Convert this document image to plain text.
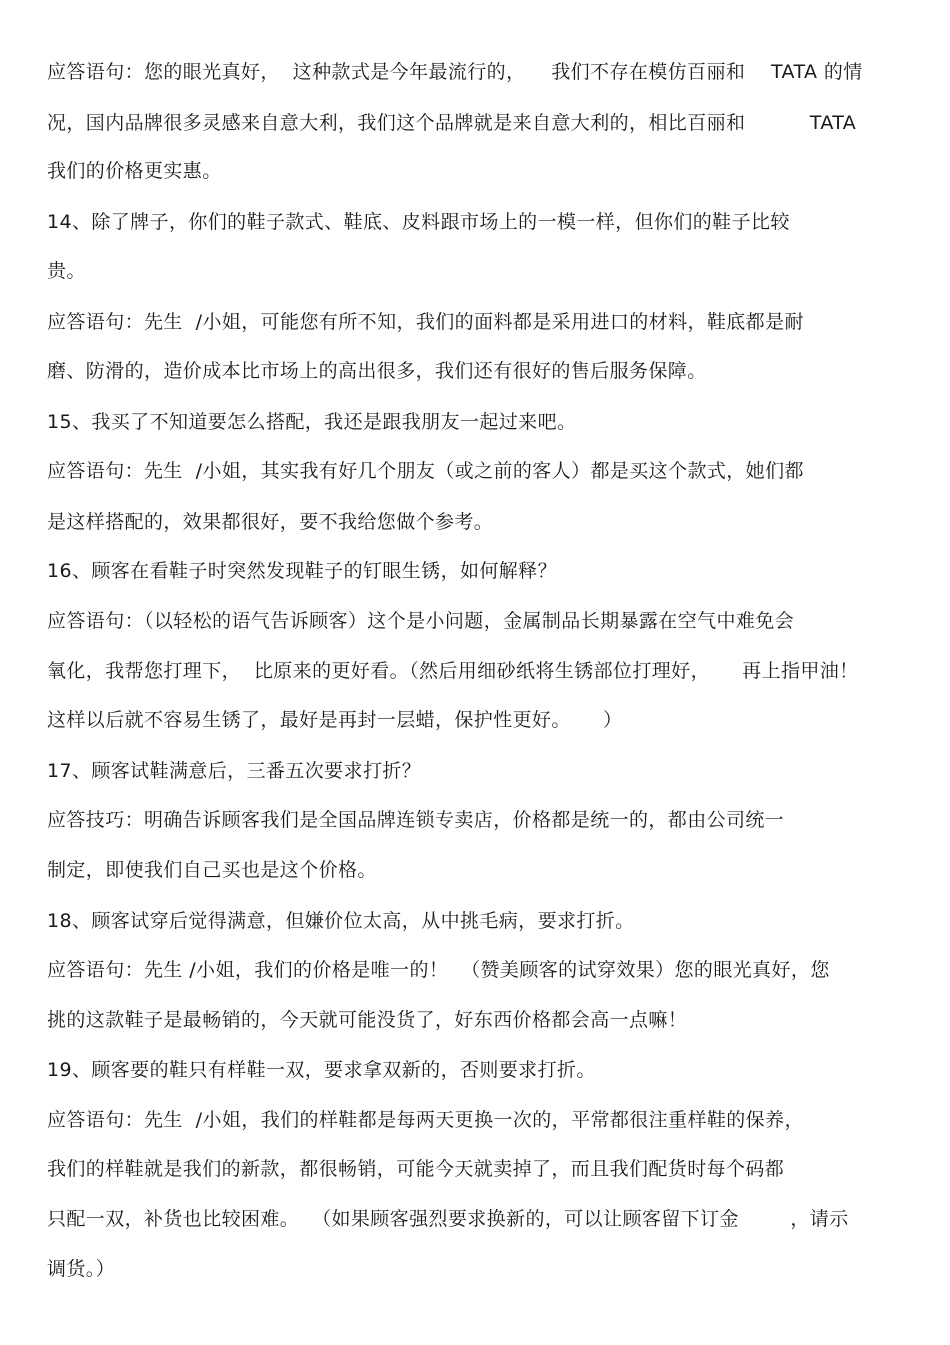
应答语句：您的眼光真好，  这种款式是今年最流行的，    我们不存在模仿百丽和    TATA 的情
况，国内品牌很多灵感来自意大利，我们这个品牌就是来自意大利的，相比百丽和          TATA
我们的价格更实惠。
14、除了牌子，你们的鞋子款式、鞋底、皮料跟市场上的一模一样，但你们的鞋子比较
贵。
应答语句：先生  /小姐，可能您有所不知，我们的面料都是采用进口的材料，鞋底都是耐
磨、防滑的，造价成本比市场上的高出很多，我们还有很好的售后服务保障。
15、我买了不知道要怎么搭配，我还是跟我朋友一起过来吧。
应答语句：先生  /小姐，其实我有好几个朋友（或之前的客人）都是买这个款式，她们都
是这样搭配的，效果都很好，要不我给您做个参考。
16、顾客在看鞋子时突然发现鞋子的钉眼生锈，如何解释？
应答语句：（以轻松的语气告诉顾客）这个是小问题，金属制品长期暴露在空气中难免会
氧化，我帮您打理下，  比原来的更好看。（然后用细砂纸将生锈部位打理好，     再上指甲油！
这样以后就不容易生锈了，最好是再封一层蜡，保护性更好。     ）
17、顾客试鞋满意后，三番五次要求打折？
应答技巧：明确告诉顾客我们是全国品牌连锁专卖店，价格都是统一的，都由公司统一
制定，即使我们自己买也是这个价格。
18、顾客试穿后觉得满意，但嫌价位太高，从中挑毛病，要求打折。
应答语句：先生 /小姐，我们的价格是唯一的！  （赞美顾客的试穿效果）您的眼光真好，您
挑的这款鞋子是最畅销的，今天就可能没货了，好东西价格都会高一点嘛！
19、顾客要的鞋只有样鞋一双，要求拿双新的，否则要求打折。
应答语句：先生  /小姐，我们的样鞋都是每两天更换一次的，平常都很注重样鞋的保养，
我们的样鞋就是我们的新款，都很畅销，可能今天就卖掉了，而且我们配货时每个码都
只配一双，补货也比较困难。  （如果顾客强烈要求换新的，可以让顾客留下订金        ，请示
调货。）
